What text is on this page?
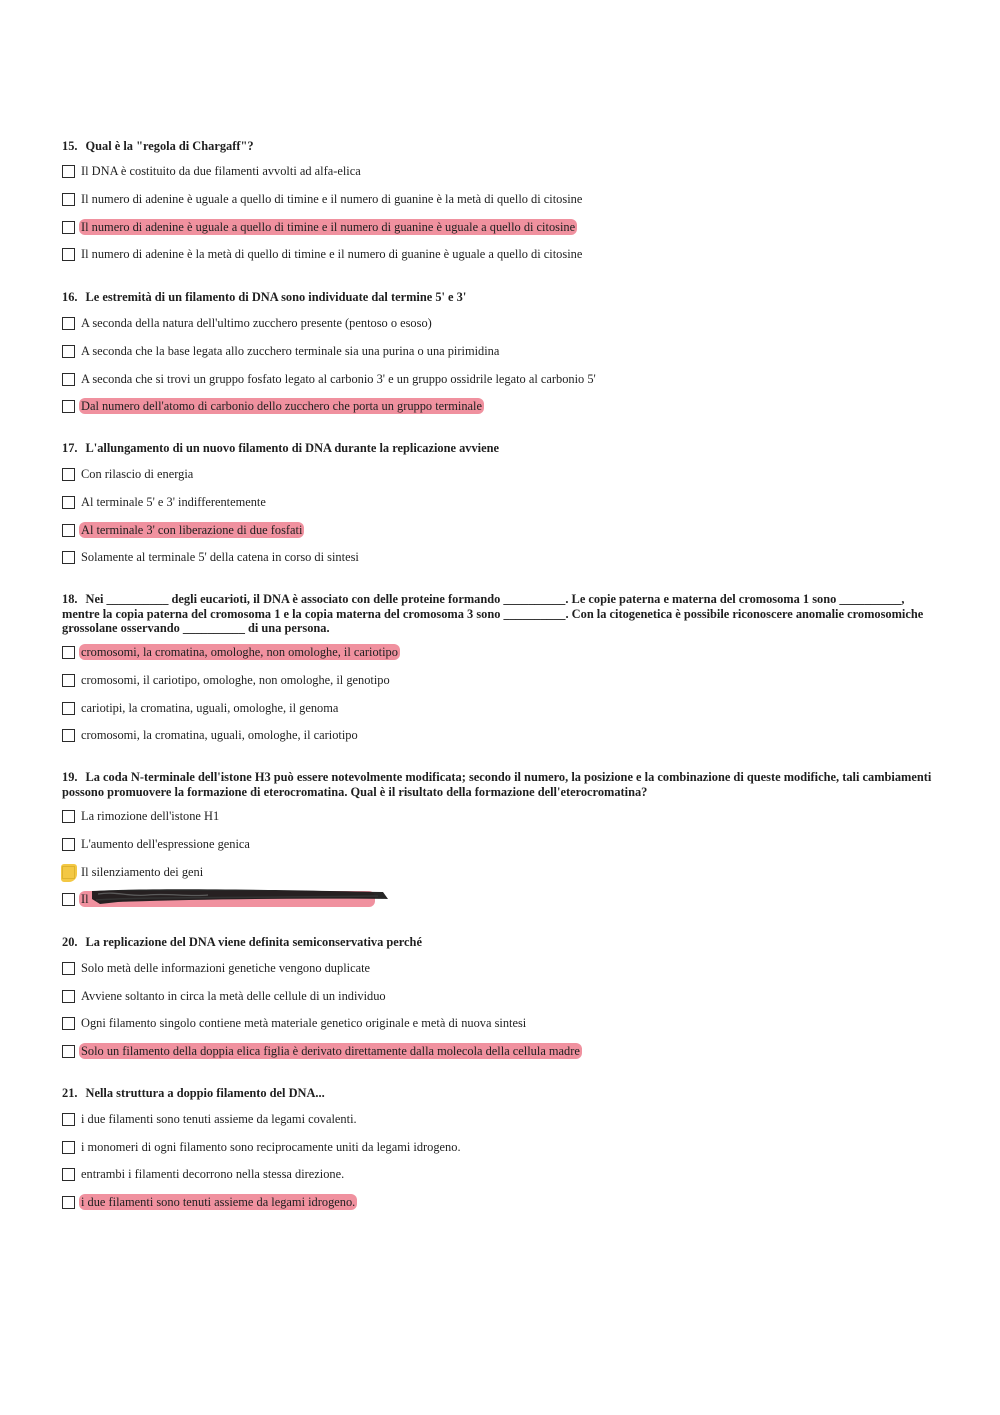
15. Qual è la "regola di Chargaff"?

Il DNA è costituito da due filamenti avvolti ad alfa-elica
Il numero di adenine è uguale a quello di timine e il numero di guanine è la metà di quello di citosine
Il numero di adenine è uguale a quello di timine e il numero di guanine è uguale a quello di citosine
Il numero di adenine è la metà di quello di timine e il numero di guanine è uguale a quello di citosine

16. Le estremità di un filamento di DNA sono individuate dal termine 5' e 3'

A seconda della natura dell'ultimo zucchero presente (pentoso o esoso)
A seconda che la base legata allo zucchero terminale sia una purina o una pirimidina
A seconda che si trovi un gruppo fosfato legato al carbonio 3' e un gruppo ossidrile legato al carbonio 5'
Dal numero dell'atomo di carbonio dello zucchero che porta un gruppo terminale

17. L'allungamento di un nuovo filamento di DNA durante la replicazione avviene

Con rilascio di energia
Al terminale 5' e 3' indifferentemente
Al terminale 3' con liberazione di due fosfati
Solamente al terminale 5' della catena in corso di sintesi

18. Nei __________ degli eucarioti, il DNA è associato con delle proteine formando __________. Le copie paterna e materna del cromosoma 1 sono __________, mentre la copia paterna del cromosoma 1 e la copia materna del cromosoma 3 sono __________. Con la citogenetica è possibile riconoscere anomalie cromosomiche grossolane osservando __________ di una persona.

cromosomi, la cromatina, omologhe, non omologhe, il cariotipo
cromosomi, il cariotipo, omologhe, non omologhe, il genotipo
cariotipi, la cromatina, uguali, omologhe, il genoma
cromosomi, la cromatina, uguali, omologhe, il cariotipo

19. La coda N-terminale dell'istone H3 può essere notevolmente modificata; secondo il numero, la posizione e la combinazione di queste modifiche, tali cambiamenti possono promuovere la formazione di eterocromatina. Qual è il risultato della formazione dell'eterocromatina?

La rimozione dell'istone H1
L'aumento dell'espressione genica
Il silenziamento dei geni
Il

20. La replicazione del DNA viene definita semiconservativa perché

Solo metà delle informazioni genetiche vengono duplicate
Avviene soltanto in circa la metà delle cellule di un individuo
Ogni filamento singolo contiene metà materiale genetico originale e metà di nuova sintesi
Solo un filamento della doppia elica figlia è derivato direttamente dalla molecola della cellula madre

21. Nella struttura a doppio filamento del DNA...

i due filamenti sono tenuti assieme da legami covalenti.
i monomeri di ogni filamento sono reciprocamente uniti da legami idrogeno.
entrambi i filamenti decorrono nella stessa direzione.
i due filamenti sono tenuti assieme da legami idrogeno.
